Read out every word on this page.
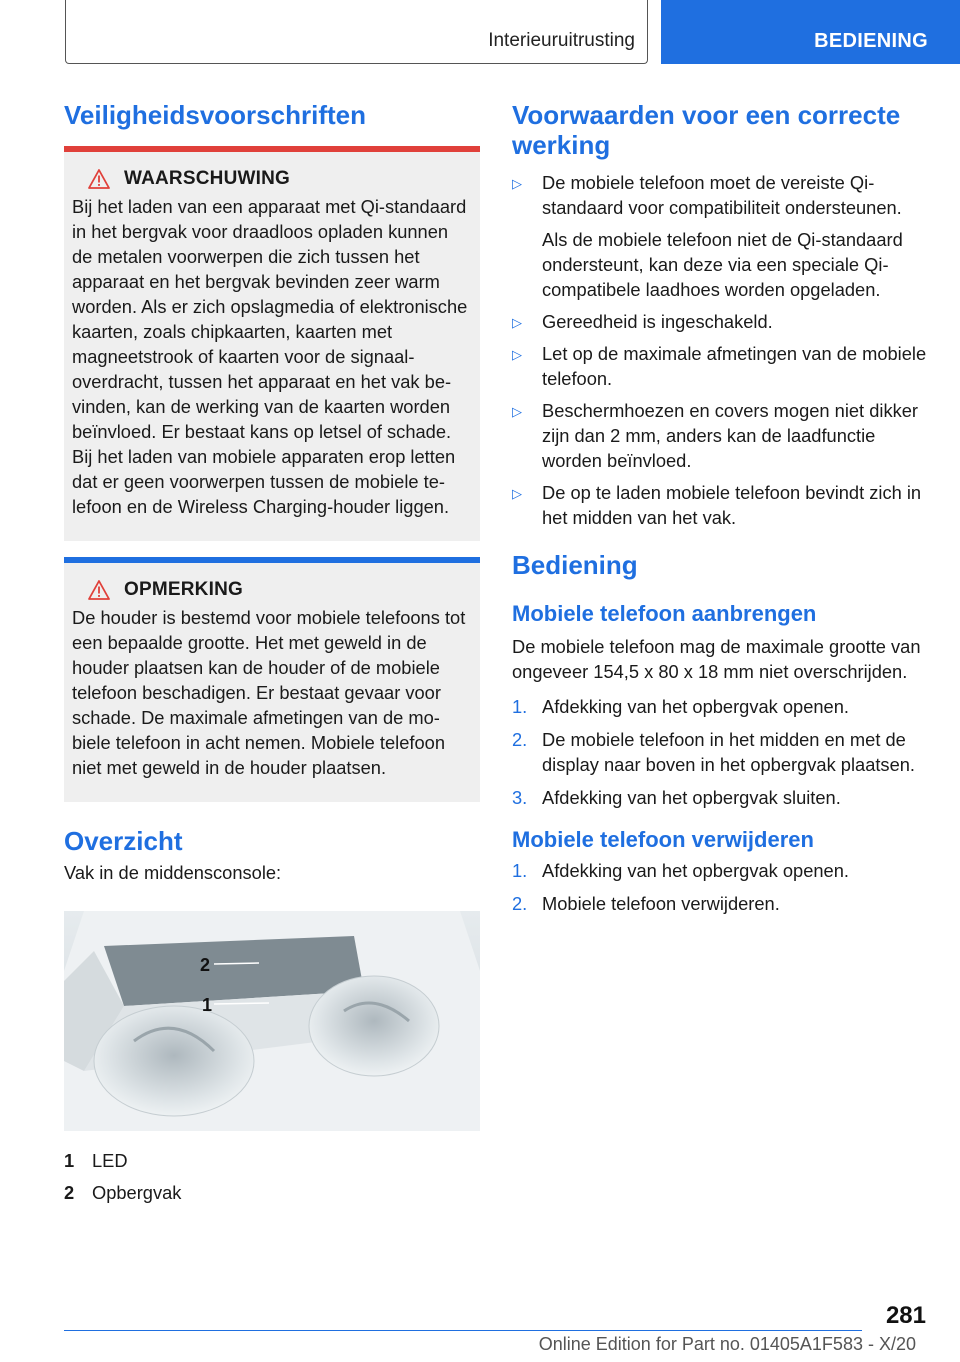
Interieuruitrusting	BEDIENING
Veiligheidsvoorschriften
WAARSCHUWING
Bij het laden van een apparaat met Qi-standaard in het bergvak voor draadloos opladen kunnen de metalen voorwerpen die zich tussen het apparaat en het bergvak bevinden zeer warm worden. Als er zich opslagmedia of elektronische kaarten, zoals chipkaarten, kaarten met magneetstrook of kaarten voor de signaaloverdracht, tussen het apparaat en het vak bevinden, kan de werking van de kaarten worden beïnvloed. Er bestaat kans op letsel of schade. Bij het laden van mobiele apparaten erop letten dat er geen voorwerpen tussen de mobiele telefoon en de Wireless Charging-houder liggen.
OPMERKING
De houder is bestemd voor mobiele telefoons tot een bepaalde grootte. Het met geweld in de houder plaatsen kan de houder of de mobiele telefoon beschadigen. Er bestaat gevaar voor schade. De maximale afmetingen van de mobiele telefoon in acht nemen. Mobiele telefoon niet met geweld in de houder plaatsen.
Overzicht

Vak in de middensconsole:

2
1
1 LED
2 Opbergvak
Voorwaarden voor een correcte werking
▷ De mobiele telefoon moet de vereiste Qi-standaard voor compatibiliteit ondersteunen.
Als de mobiele telefoon niet de Qi-standaard ondersteunt, kan deze via een speciale Qi-compatibele laadhoes worden opgeladen.
▷ Gereedheid is ingeschakeld.
▷ Let op de maximale afmetingen van de mobiele telefoon.
▷ Beschermhoezen en covers mogen niet dikker zijn dan 2 mm, anders kan de laadfunctie worden beïnvloed.
▷ De op te laden mobiele telefoon bevindt zich in het midden van het vak.
Bediening
Mobiele telefoon aanbrengen

De mobiele telefoon mag de maximale grootte van ongeveer 154,5 x 80 x 18 mm niet overschrijden.

1. Afdekking van het opbergvak openen.
2. De mobiele telefoon in het midden en met de display naar boven in het opbergvak plaatsen.
3. Afdekking van het opbergvak sluiten.
Mobiele telefoon verwijderen
1. Afdekking van het opbergvak openen.
2. Mobiele telefoon verwijderen.
281
Online Edition for Part no. 01405A1F583 - X/20
